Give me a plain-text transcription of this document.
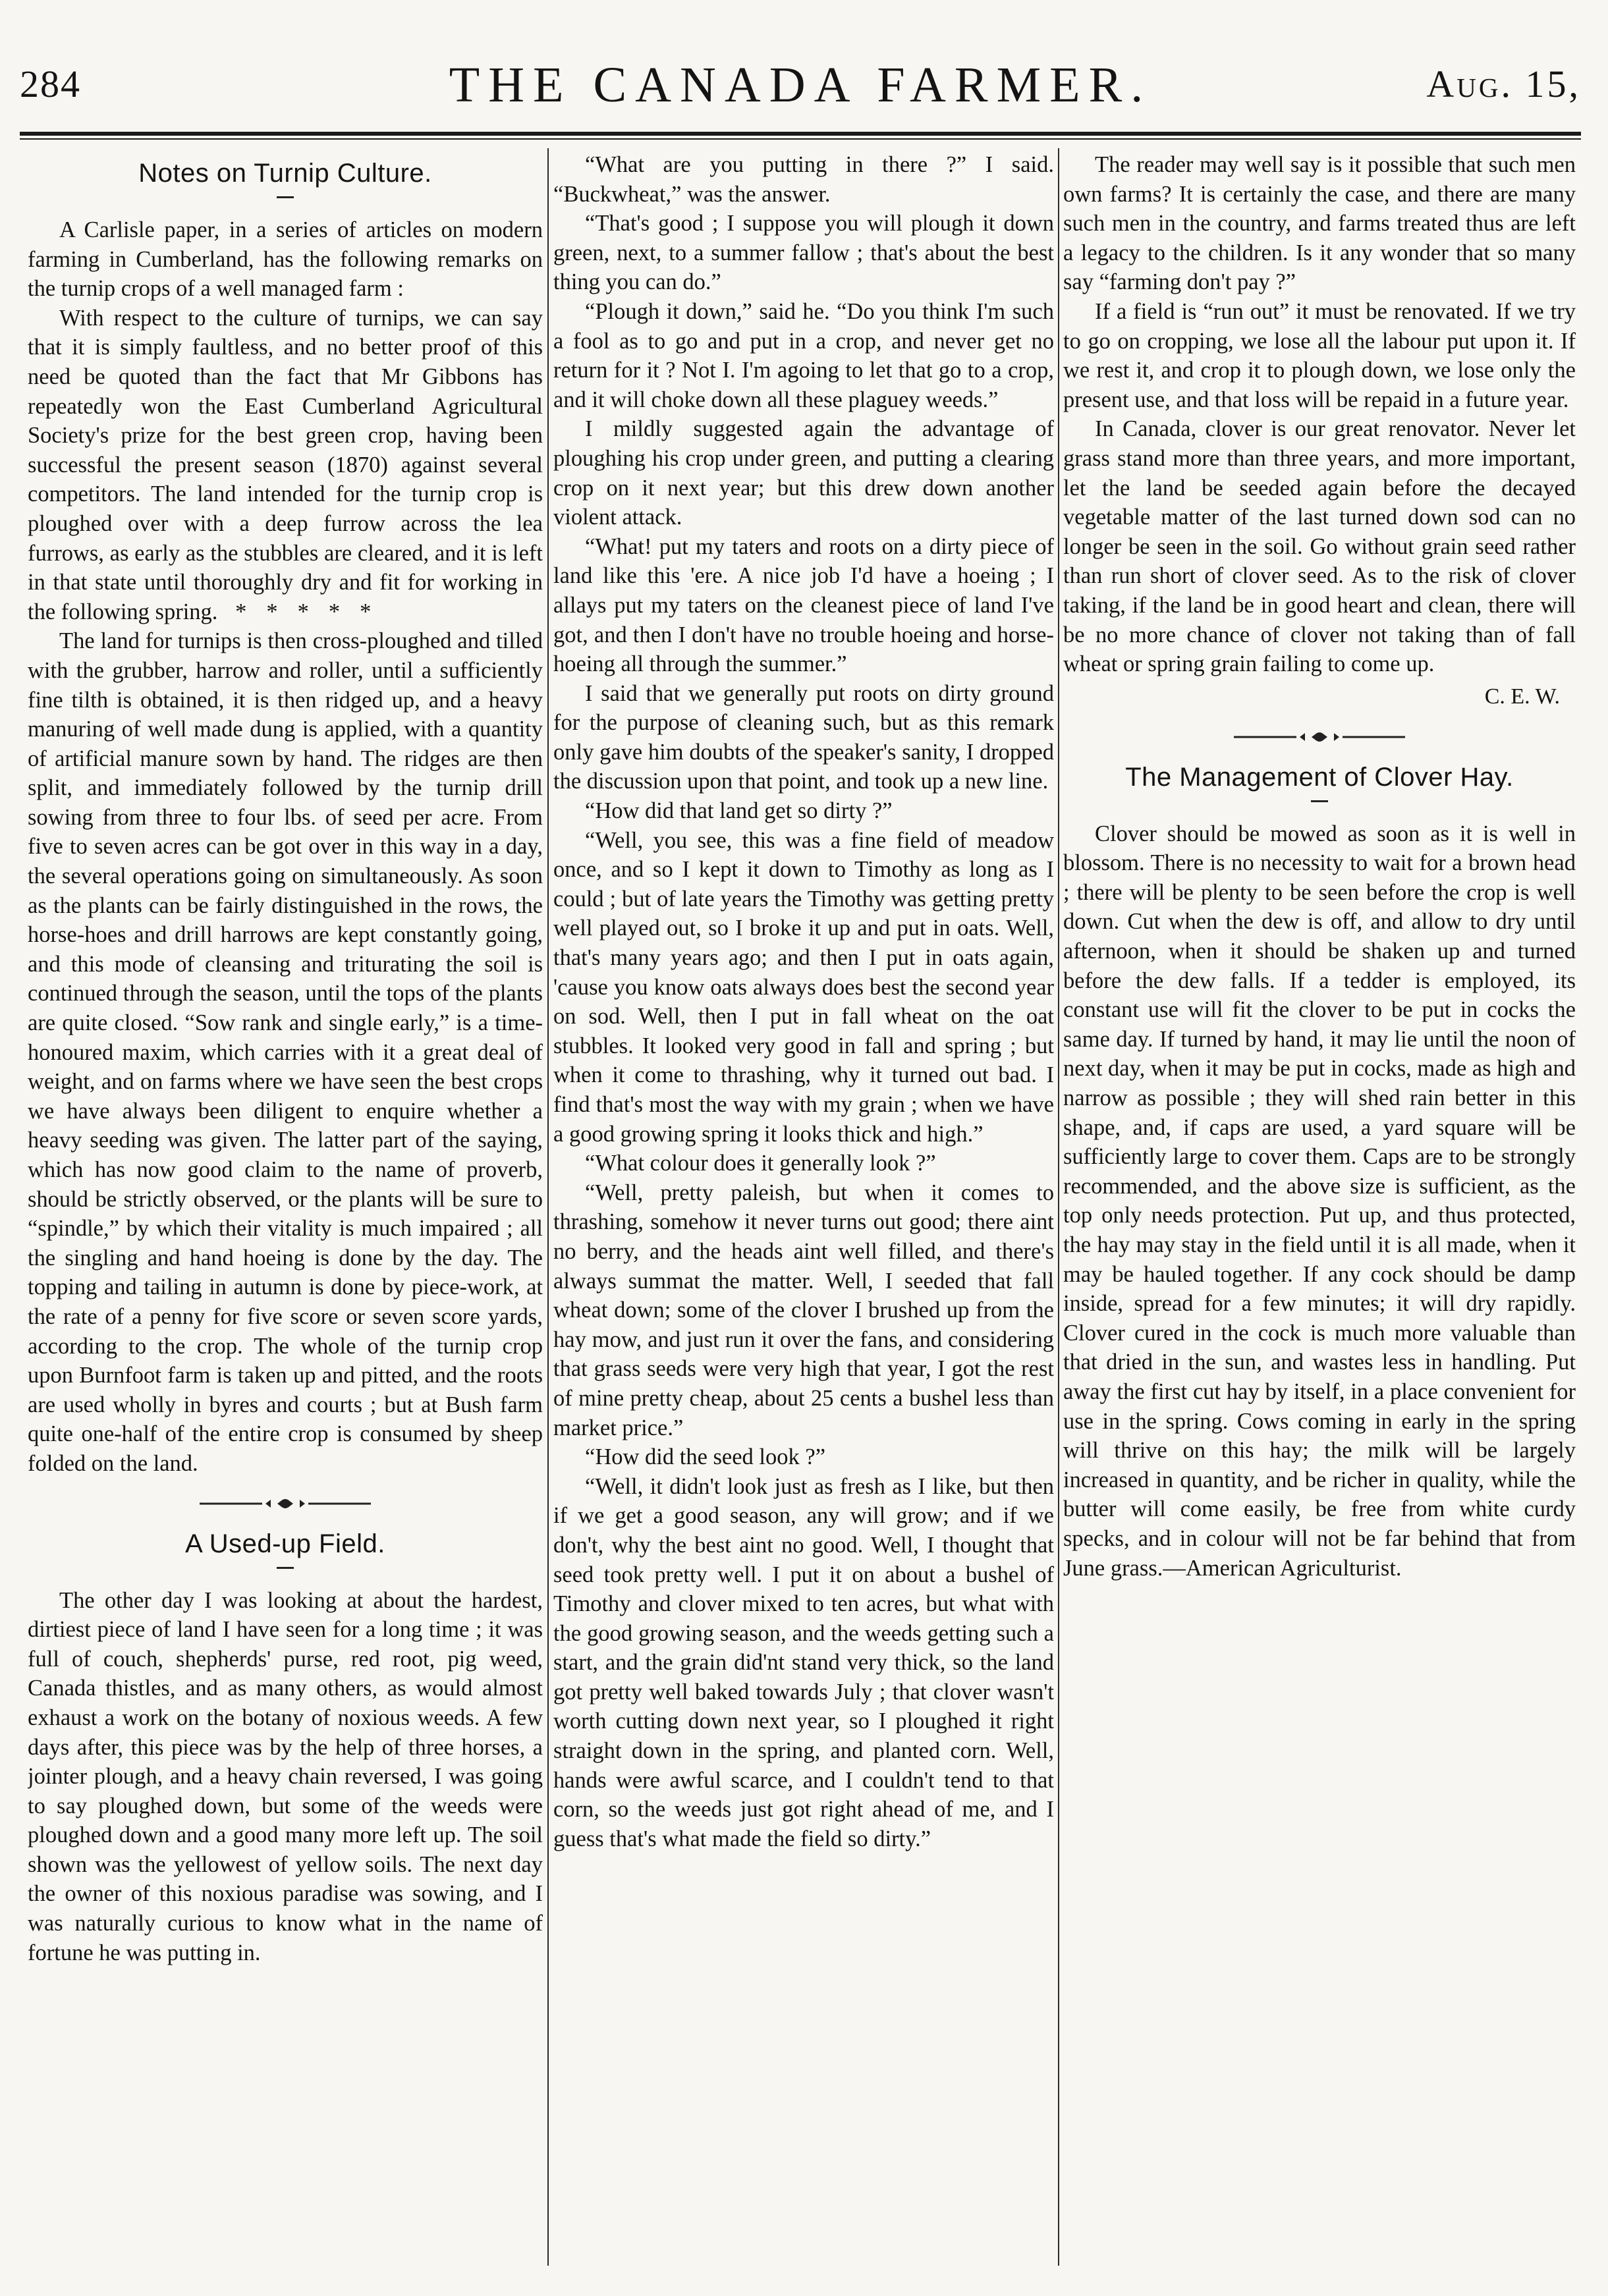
284	THE CANADA FARMER.	Aug. 15,
Notes on Turnip Culture.

A Carlisle paper, in a series of articles on modern farming in Cumberland, has the following remarks on the turnip crops of a well managed farm :

With respect to the culture of turnips, we can say that it is simply faultless, and no better proof of this need be quoted than the fact that Mr Gibbons has repeatedly won the East Cumberland Agricultural Society's prize for the best green crop, having been successful the present season (1870) against several competitors. The land intended for the turnip crop is ploughed over with a deep furrow across the lea furrows, as early as the stubbles are cleared, and it is left in that state until thoroughly dry and fit for working in the following spring. *****

The land for turnips is then cross-ploughed and tilled with the grubber, harrow and roller, until a sufficiently fine tilth is obtained, it is then ridged up, and a heavy manuring of well made dung is applied, with a quantity of artificial manure sown by hand. The ridges are then split, and immediately followed by the turnip drill sowing from three to four lbs. of seed per acre. From five to seven acres can be got over in this way in a day, the several operations going on simultaneously. As soon as the plants can be fairly distinguished in the rows, the horse-hoes and drill harrows are kept constantly going, and this mode of cleansing and triturating the soil is continued through the season, until the tops of the plants are quite closed. “Sow rank and single early,” is a time-honoured maxim, which carries with it a great deal of weight, and on farms where we have seen the best crops we have always been diligent to enquire whether a heavy seeding was given. The latter part of the saying, which has now good claim to the name of proverb, should be strictly observed, or the plants will be sure to “spindle,” by which their vitality is much impaired ; all the singling and hand hoeing is done by the day. The topping and tailing in autumn is done by piece-work, at the rate of a penny for five score or seven score yards, according to the crop. The whole of the turnip crop upon Burnfoot farm is taken up and pitted, and the roots are used wholly in byres and courts ; but at Bush farm quite one-half of the entire crop is consumed by sheep folded on the land.

A Used-up Field.

The other day I was looking at about the hardest, dirtiest piece of land I have seen for a long time ; it was full of couch, shepherds' purse, red root, pig weed, Canada thistles, and as many others, as would almost exhaust a work on the botany of noxious weeds. A few days after, this piece was by the help of three horses, a jointer plough, and a heavy chain reversed, I was going to say ploughed down, but some of the weeds were ploughed down and a good many more left up. The soil shown was the yellowest of yellow soils. The next day the owner of this noxious paradise was sowing, and I was naturally curious to know what in the name of fortune he was putting in.

“What are you putting in there ?” I said. “Buckwheat,” was the answer.

“That's good ; I suppose you will plough it down green, next, to a summer fallow ; that's about the best thing you can do.”

“Plough it down,” said he. “Do you think I'm such a fool as to go and put in a crop, and never get no return for it ? Not I. I'm agoing to let that go to a crop, and it will choke down all these plaguey weeds.”

I mildly suggested again the advantage of ploughing his crop under green, and putting a clearing crop on it next year; but this drew down another violent attack.

“What! put my taters and roots on a dirty piece of land like this 'ere. A nice job I'd have a hoeing ; I allays put my taters on the cleanest piece of land I've got, and then I don't have no trouble hoeing and horse-hoeing all through the summer.”

I said that we generally put roots on dirty ground for the purpose of cleaning such, but as this remark only gave him doubts of the speaker's sanity, I dropped the discussion upon that point, and took up a new line.

“How did that land get so dirty ?”

“Well, you see, this was a fine field of meadow once, and so I kept it down to Timothy as long as I could ; but of late years the Timothy was getting pretty well played out, so I broke it up and put in oats. Well, that's many years ago; and then I put in oats again, 'cause you know oats always does best the second year on sod. Well, then I put in fall wheat on the oat stubbles. It looked very good in fall and spring ; but when it come to thrashing, why it turned out bad. I find that's most the way with my grain ; when we have a good growing spring it looks thick and high.”

“What colour does it generally look ?”

“Well, pretty paleish, but when it comes to thrashing, somehow it never turns out good; there aint no berry, and the heads aint well filled, and there's always summat the matter. Well, I seeded that fall wheat down; some of the clover I brushed up from the hay mow, and just run it over the fans, and considering that grass seeds were very high that year, I got the rest of mine pretty cheap, about 25 cents a bushel less than market price.”

“How did the seed look ?”

“Well, it didn't look just as fresh as I like, but then if we get a good season, any will grow; and if we don't, why the best aint no good. Well, I thought that seed took pretty well. I put it on about a bushel of Timothy and clover mixed to ten acres, but what with the good growing season, and the weeds getting such a start, and the grain did'nt stand very thick, so the land got pretty well baked towards July ; that clover wasn't worth cutting down next year, so I ploughed it right straight down in the spring, and planted corn. Well, hands were awful scarce, and I couldn't tend to that corn, so the weeds just got right ahead of me, and I guess that's what made the field so dirty.”

The reader may well say is it possible that such men own farms? It is certainly the case, and there are many such men in the country, and farms treated thus are left a legacy to the children. Is it any wonder that so many say “farming don't pay ?”

If a field is “run out” it must be renovated. If we try to go on cropping, we lose all the labour put upon it. If we rest it, and crop it to plough down, we lose only the present use, and that loss will be repaid in a future year.

In Canada, clover is our great renovator. Never let grass stand more than three years, and more important, let the land be seeded again before the decayed vegetable matter of the last turned down sod can no longer be seen in the soil. Go without grain seed rather than run short of clover seed. As to the risk of clover taking, if the land be in good heart and clean, there will be no more chance of clover not taking than of fall wheat or spring grain failing to come up.

C. E. W.
The Management of Clover Hay.

Clover should be mowed as soon as it is well in blossom. There is no necessity to wait for a brown head ; there will be plenty to be seen before the crop is well down. Cut when the dew is off, and allow to dry until afternoon, when it should be shaken up and turned before the dew falls. If a tedder is employed, its constant use will fit the clover to be put in cocks the same day. If turned by hand, it may lie until the noon of next day, when it may be put in cocks, made as high and narrow as possible ; they will shed rain better in this shape, and, if caps are used, a yard square will be sufficiently large to cover them. Caps are to be strongly recommended, and the above size is sufficient, as the top only needs protection. Put up, and thus protected, the hay may stay in the field until it is all made, when it may be hauled together. If any cock should be damp inside, spread for a few minutes; it will dry rapidly. Clover cured in the cock is much more valuable than that dried in the sun, and wastes less in handling. Put away the first cut hay by itself, in a place convenient for use in the spring. Cows coming in early in the spring will thrive on this hay; the milk will be largely increased in quantity, and be richer in quality, while the butter will come easily, be free from white curdy specks, and in colour will not be far behind that from June grass.—American Agriculturist.
